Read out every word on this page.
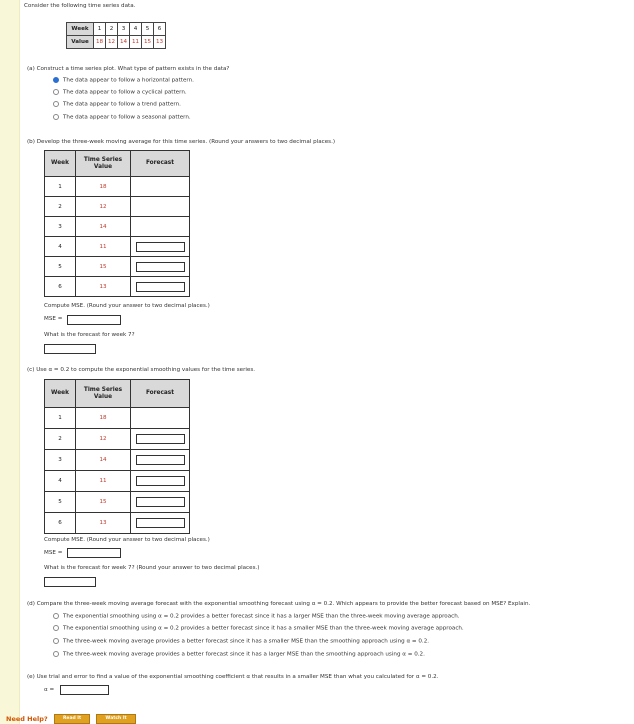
Consider the following time series data.
Week	1	2	3	4	5	6
Value	18	12	14	11	15	13
(a) Construct a time series plot. What type of pattern exists in the data?
The data appear to follow a horizontal pattern.
The data appear to follow a cyclical pattern.
The data appear to follow a trend pattern.
The data appear to follow a seasonal pattern.
(b) Develop the three-week moving average for this time series. (Round your answers to two decimal places.)
Week	Time Series Value	Forecast
1	18	
2	12	
3	14	
4	11	
5	15	
6	13	
Compute MSE. (Round your answer to two decimal places.)
MSE =
What is the forecast for week 7?
(c) Use α = 0.2 to compute the exponential smoothing values for the time series.
Week	Time Series Value	Forecast
1	18	
2	12	
3	14	
4	11	
5	15	
6	13	
Compute MSE. (Round your answer to two decimal places.)
MSE =
What is the forecast for week 7? (Round your answer to two decimal places.)
(d) Compare the three-week moving average forecast with the exponential smoothing forecast using α = 0.2. Which appears to provide the better forecast based on MSE? Explain.
The exponential smoothing using α = 0.2 provides a better forecast since it has a larger MSE than the three-week moving average approach.
The exponential smoothing using α = 0.2 provides a better forecast since it has a smaller MSE than the three-week moving average approach.
The three-week moving average provides a better forecast since it has a smaller MSE than the smoothing approach using α = 0.2.
The three-week moving average provides a better forecast since it has a larger MSE than the smoothing approach using α = 0.2.
(e) Use trial and error to find a value of the exponential smoothing coefficient α that results in a smaller MSE than what you calculated for α = 0.2.
α =
Need Help?	Read It	Watch It
